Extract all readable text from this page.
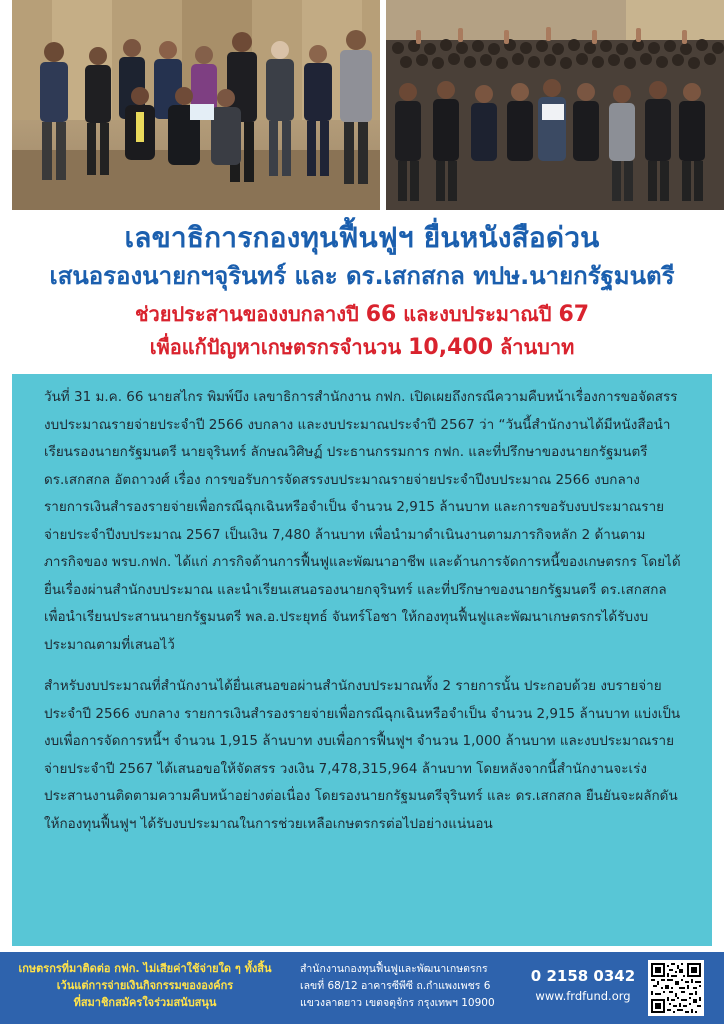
เลขาธิการกองทุนฟื้นฟูฯ ยื่นหนังสือด่วน
เสนอรองนายกฯจุรินทร์ และ ดร.เสกสกล ทปษ.นายกรัฐมนตรี
ช่วยประสานของงบกลางปี 66 และงบประมาณปี 67
เพื่อแก้ปัญหาเกษตรกรจำนวน 10,400 ล้านบาท

วันที่ 31 ม.ค. 66 นายสไกร พิมพ์บึง เลขาธิการสำนักงาน กฟก. เปิดเผยถึงกรณีความคืบหน้าเรื่องการขอจัดสรรงบประมาณรายจ่ายประจำปี 2566 งบกลาง และงบประมาณประจำปี 2567 ว่า “วันนี้สำนักงานได้มีหนังสือนำเรียนรองนายกรัฐมนตรี นายจุรินทร์ ลักษณวิศิษฏ์ ประธานกรรมการ กฟก. และที่ปรึกษาของนายกรัฐมนตรี ดร.เสกสกล อัตถาวงศ์ เรื่อง การขอรับการจัดสรรงบประมาณรายจ่ายประจำปีงบประมาณ 2566 งบกลาง รายการเงินสำรองรายจ่ายเพื่อกรณีฉุกเฉินหรือจำเป็น จำนวน 2,915 ล้านบาท และการขอรับงบประมาณรายจ่ายประจำปีงบประมาณ 2567 เป็นเงิน 7,480 ล้านบาท เพื่อนำมาดำเนินงานตามภารกิจหลัก 2 ด้านตามภารกิจของ พรบ.กฟก. ได้แก่ ภารกิจด้านการฟื้นฟูและพัฒนาอาชีพ และด้านการจัดการหนี้ของเกษตรกร โดยได้ยื่นเรื่องผ่านสำนักงบประมาณ และนำเรียนเสนอรองนายกจุรินทร์ และที่ปรึกษาของนายกรัฐมนตรี ดร.เสกสกล เพื่อนำเรียนประสานนายกรัฐมนตรี พล.อ.ประยุทธ์ จันทร์โอชา ให้กองทุนฟื้นฟูและพัฒนาเกษตรกรได้รับงบประมาณตามที่เสนอไว้

สำหรับงบประมาณที่สำนักงานได้ยื่นเสนอขอผ่านสำนักงบประมาณทั้ง 2 รายการนั้น ประกอบด้วย งบรายจ่ายประจำปี 2566 งบกลาง รายการเงินสำรองรายจ่ายเพื่อกรณีฉุกเฉินหรือจำเป็น จำนวน 2,915 ล้านบาท แบ่งเป็น งบเพื่อการจัดการหนี้ฯ จำนวน 1,915 ล้านบาท งบเพื่อการฟื้นฟูฯ จำนวน 1,000 ล้านบาท และงบประมาณรายจ่ายประจำปี 2567 ได้เสนอขอให้จัดสรร วงเงิน 7,478,315,964 ล้านบาท โดยหลังจากนี้สำนักงานจะเร่งประสานงานติดตามความคืบหน้าอย่างต่อเนื่อง โดยรองนายกรัฐมนตรีจุรินทร์ และ ดร.เสกสกล ยืนยันจะผลักดันให้กองทุนฟื้นฟูฯ ได้รับงบประมาณในการช่วยเหลือเกษตรกรต่อไปอย่างแน่นอน

เกษตรกรที่มาติดต่อ กฟก. ไม่เสียค่าใช้จ่ายใด ๆ ทั้งสิ้น
เว้นแต่การจ่ายเงินกิจกรรมขององค์กร
ที่สมาชิกสมัครใจร่วมสนับสนุน
สำนักงานกองทุนฟื้นฟูและพัฒนาเกษตรกร
เลขที่ 68/12 อาคารซีพีซี ถ.กำแพงเพชร 6
แขวงลาดยาว เขตจตุจักร กรุงเทพฯ 10900
0 2158 0342
www.frdfund.org
